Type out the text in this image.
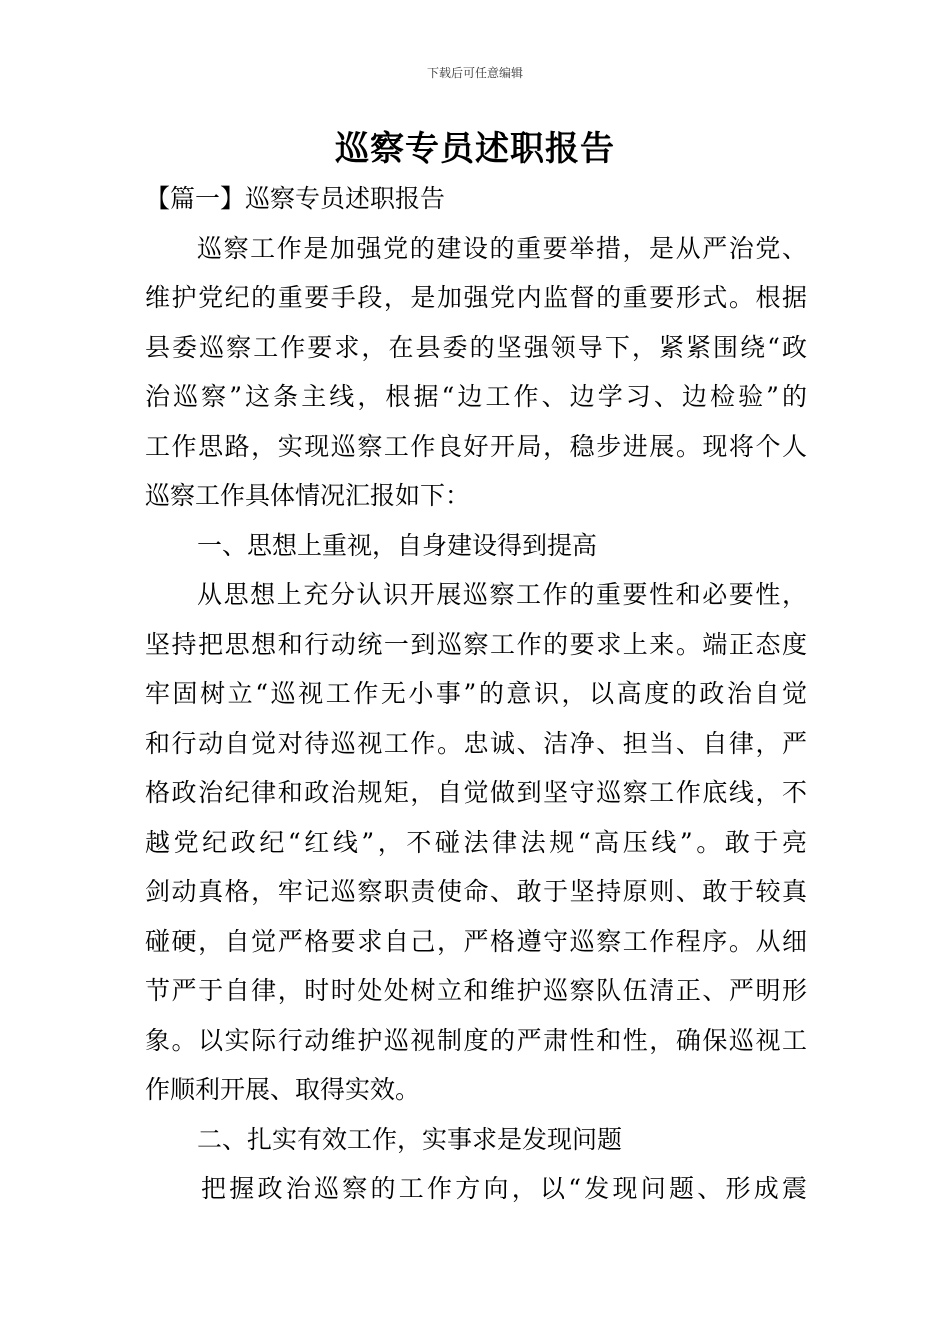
下载后可任意编辑
巡察专员述职报告
【篇一】巡察专员述职报告
巡察工作是加强党的建设的重要举措，是从严治党、
维护党纪的重要手段，是加强党内监督的重要形式。根据
县委巡察工作要求，在县委的坚强领导下，紧紧围绕“政
治巡察”这条主线，根据“边工作、边学习、边检验”的
工作思路，实现巡察工作良好开局，稳步进展。现将个人
巡察工作具体情况汇报如下：
一、思想上重视，自身建设得到提高
从思想上充分认识开展巡察工作的重要性和必要性，
坚持把思想和行动统一到巡察工作的要求上来。端正态度
牢固树立“巡视工作无小事”的意识，以高度的政治自觉
和行动自觉对待巡视工作。忠诚、洁净、担当、自律，严
格政治纪律和政治规矩，自觉做到坚守巡察工作底线，不
越党纪政纪“红线”，不碰法律法规“高压线”。敢于亮
剑动真格，牢记巡察职责使命、敢于坚持原则、敢于较真
碰硬，自觉严格要求自己，严格遵守巡察工作程序。从细
节严于自律，时时处处树立和维护巡察队伍清正、严明形
象。以实际行动维护巡视制度的严肃性和性，确保巡视工
作顺利开展、取得实效。
二、扎实有效工作，实事求是发现问题
把握政治巡察的工作方向，以“发现问题、形成震
